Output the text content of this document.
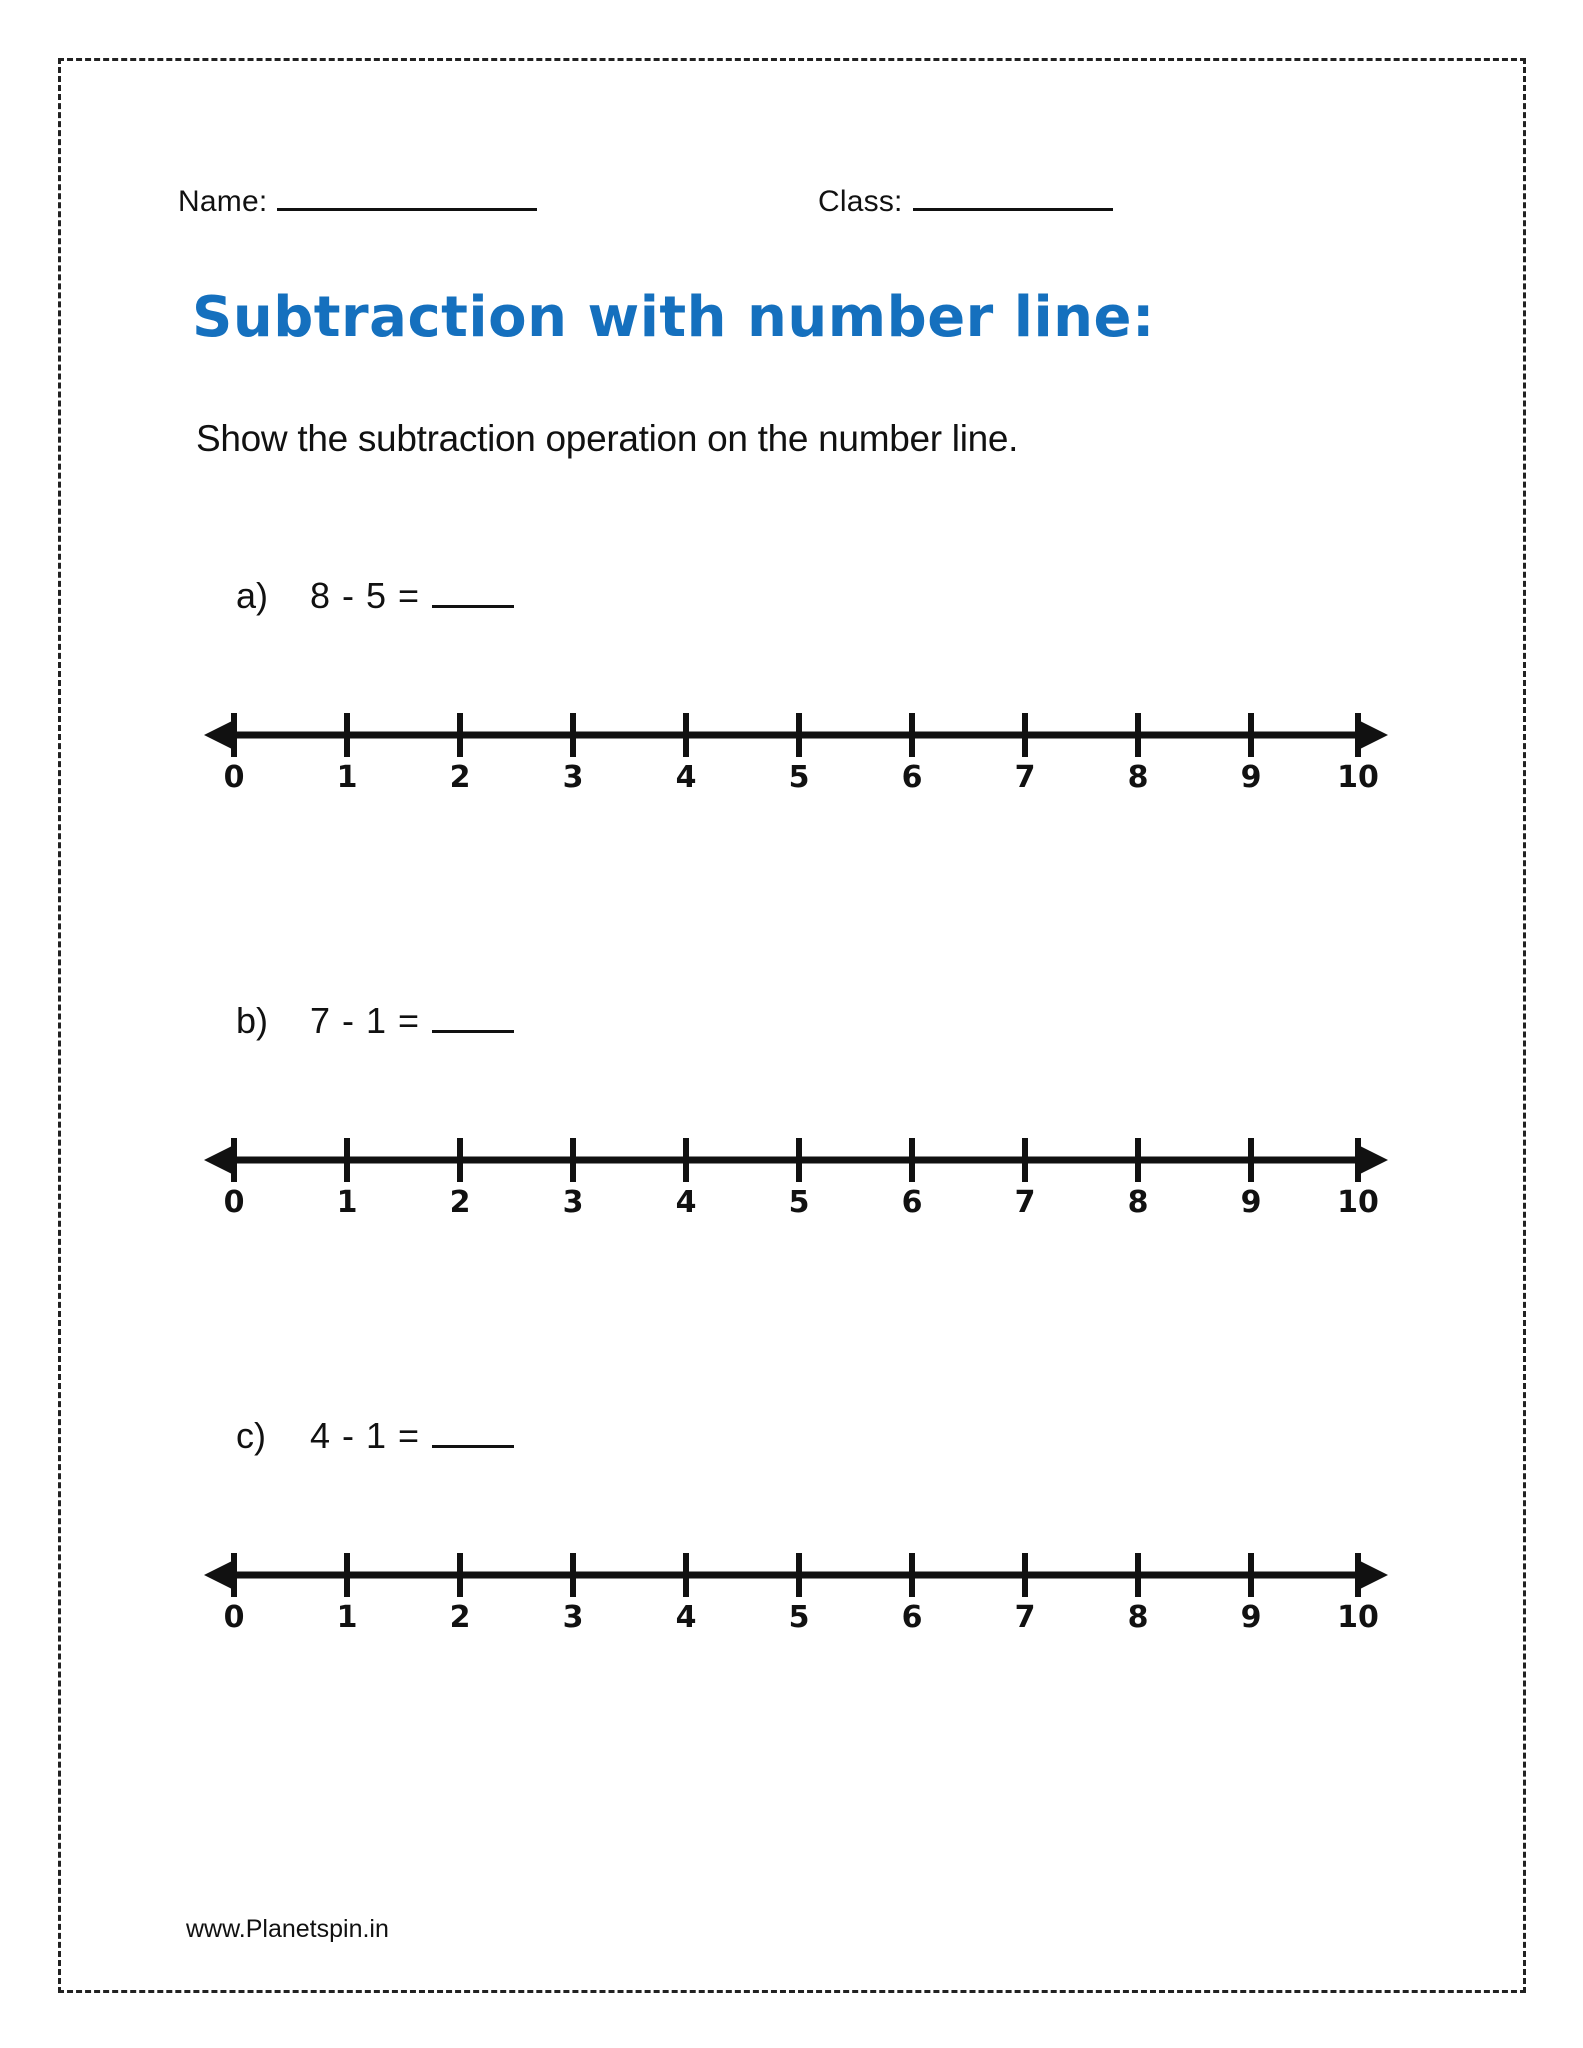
Name:	Class:
Subtraction with number line:
Show the subtraction operation on the number line.
a)	8 - 5 =
0	1	2	3	4	5	6	7	8	9	10
b)	7 - 1 =
0	1	2	3	4	5	6	7	8	9	10
c)	4 - 1 =
0	1	2	3	4	5	6	7	8	9	10
www.Planetspin.in
